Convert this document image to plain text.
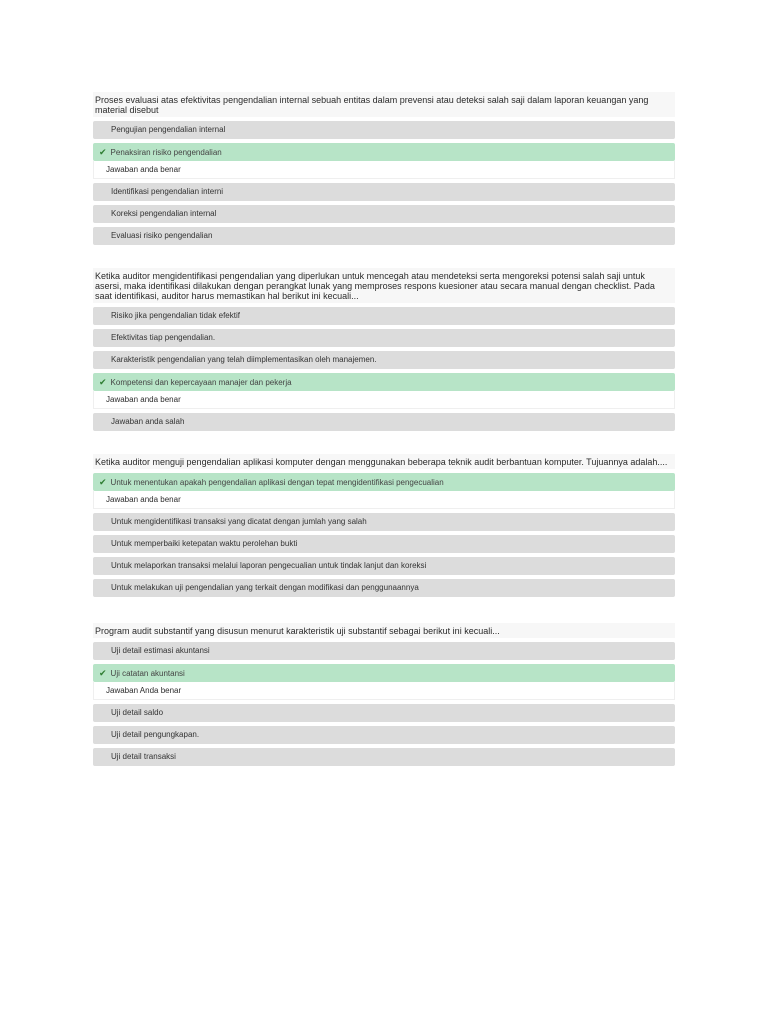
Proses evaluasi atas efektivitas pengendalian internal sebuah entitas dalam prevensi atau deteksi salah saji dalam laporan keuangan yang material disebut
Pengujian pengendalian internal
✔ Penaksiran risiko pengendalian
Jawaban anda benar
Identifikasi pengendalian interni
Koreksi pengendalian internal
Evaluasi risiko pengendalian
Ketika auditor mengidentifikasi pengendalian yang diperlukan untuk mencegah atau mendeteksi serta mengoreksi potensi salah saji untuk asersi, maka identifikasi dilakukan dengan perangkat lunak yang memproses respons kuesioner atau secara manual dengan checklist. Pada saat identifikasi, auditor harus memastikan hal berikut ini kecuali...
Risiko jika pengendalian tidak efektif
Efektivitas tiap pengendalian.
Karakteristik pengendalian yang telah diimplementasikan oleh manajemen.
✔ Kompetensi dan kepercayaan manajer dan pekerja
Jawaban anda benar
Jawaban anda salah
Ketika auditor menguji pengendalian aplikasi komputer dengan menggunakan beberapa teknik audit berbantuan komputer. Tujuannya adalah....
✔ Untuk menentukan apakah pengendalian aplikasi dengan tepat mengidentifikasi pengecualian
Jawaban anda benar
Untuk mengidentifikasi transaksi yang dicatat dengan jumlah yang salah
Untuk memperbaiki ketepatan waktu perolehan bukti
Untuk melaporkan transaksi melalui laporan pengecualian untuk tindak lanjut dan koreksi
Untuk melakukan uji pengendalian yang terkait dengan modifikasi dan penggunaannya
Program audit substantif yang disusun menurut karakteristik uji substantif sebagai berikut ini kecuali...
Uji detail estimasi akuntansi
✔ Uji catatan akuntansi
Jawaban Anda benar
Uji detail saldo
Uji detail pengungkapan.
Uji detail transaksi
